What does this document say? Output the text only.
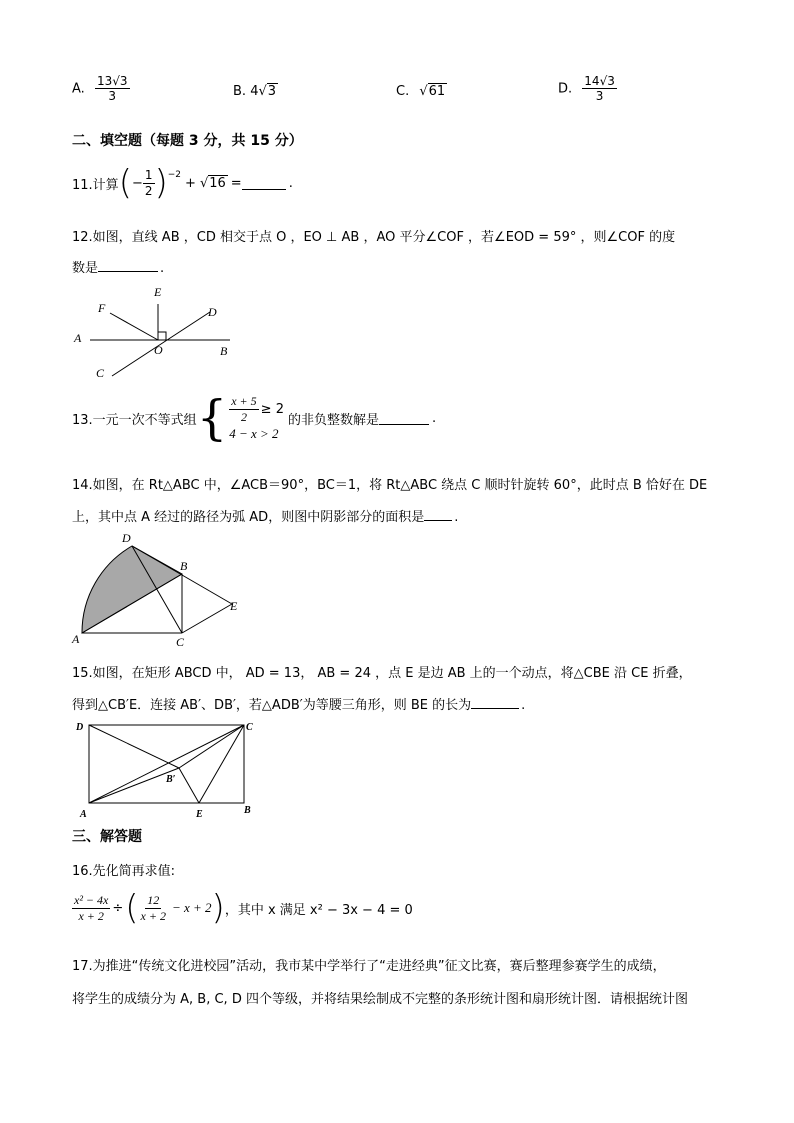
A. $\frac{13√3}{3}$	B. 4√3	C. √61	D. $\frac{14√3}{3}$
二、填空题（每题 3 分，共 15 分）
11.计算 ( − $\frac{1}{2}$ ) −2
+ √ 16 =	.
12.如图，直线 AB ，CD 相交于点 O ，EO ⊥ AB ，AO 平分∠COF ，若∠EOD = 59° ，则∠COF 的度
数是	.
E
F	D
A
O	B
C
13.一元一次不等式组 { $\frac{x + 5}{2} \ge 2$
4 − x > 2
的非负整数解是	.
14.如图，在 Rt△ABC 中，∠ACB＝90°，BC＝1，将 Rt△ABC 绕点 C 顺时针旋转 60°，此时点 B 恰好在 DE
上，其中点 A 经过的路径为弧 AD，则图中阴影部分的面积是 .
D
B
E
A	C
15.如图，在矩形 ABCD 中， AD = 13， AB = 24 ，点 E 是边 AB 上的一个动点，将△CBE 沿 CE 折叠，
得到△CB′E．连接 AB′、DB′，若△ADB′为等腰三角形，则 BE 的长为	.
D	C
B′
A	E	B
三、解答题
16.先化简再求值:
$\frac{\text{x² − 4x}}{x + 2}$ ÷ ( $\frac{12}{x + 2} - x + 2$ ) ，其中 x 满足 x² − 3x − 4 = 0
17.为推进“传统文化进校园”活动，我市某中学举行了“走进经典”征文比赛，赛后整理参赛学生的成绩，
将学生的成绩分为 A, B, C, D 四个等级，并将结果绘制成不完整的条形统计图和扇形统计图．请根据统计图
